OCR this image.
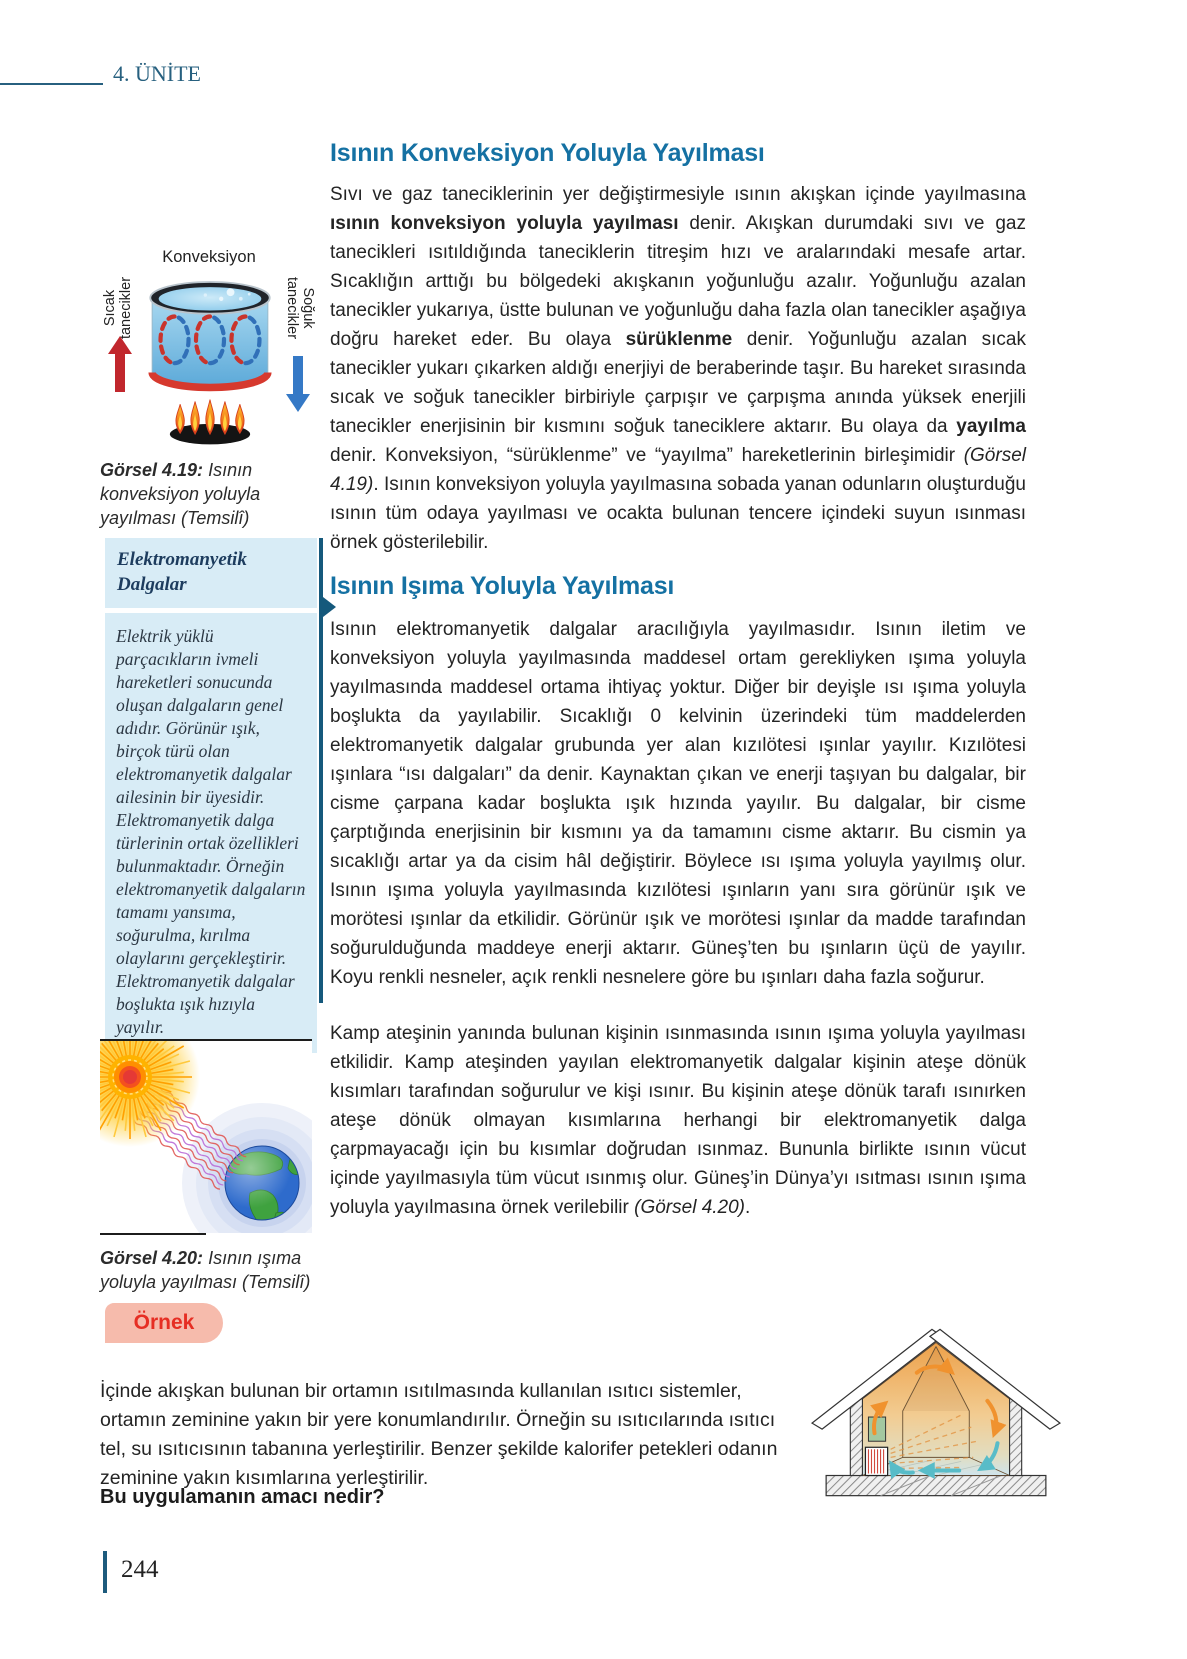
4. ÜNİTE
Isının Konveksiyon Yoluyla Yayılması

Sıvı ve gaz taneciklerinin yer değiştirmesiyle ısının akışkan içinde yayılmasına ısının konveksiyon yoluyla yayılması denir. Akışkan durumdaki sıvı ve gaz tanecikleri ısıtıldığında taneciklerin titreşim hızı ve aralarındaki mesafe artar. Sıcaklığın arttığı bu bölgedeki akışkanın yoğunluğu azalır. Yoğunluğu azalan tanecikler yukarıya, üstte bulunan ve yoğunluğu daha fazla olan tanecikler aşağıya doğru hareket eder. Bu olaya sürüklenme denir. Yoğunluğu azalan sıcak tanecikler yukarı çıkarken aldığı enerjiyi de beraberinde taşır. Bu hareket sırasında sıcak ve soğuk tanecikler birbiriyle çarpışır ve çarpışma anında yüksek enerjili tanecikler enerjisinin bir kısmını soğuk taneciklere aktarır. Bu olaya da yayılma denir. Konveksiyon, “sürüklenme” ve “yayılma” hareketlerinin birleşimidir (Görsel 4.19). Isının konveksiyon yoluyla yayılmasına sobada yanan odunların oluşturduğu ısının tüm odaya yayılması ve ocakta bulunan tencere içindeki suyun ısınması örnek gösterilebilir.

Konveksiyon
Sıcak tanecikler	Soğuk tanecikler
Görsel 4.19: Isının konveksiyon yoluyla yayılması (Temsilî)
Elektromanyetik Dalgalar
Elektrik yüklü parçacıkların ivmeli hareketleri sonucunda oluşan dalgaların genel adıdır. Görünür ışık, birçok türü olan elektromanyetik dalgalar ailesinin bir üyesidir. Elektromanyetik dalga türlerinin ortak özellikleri bulunmaktadır. Örneğin elektromanyetik dalgaların tamamı yansıma, soğurulma, kırılma olaylarını gerçekleştirir. Elektromanyetik dalgalar boşlukta ışık hızıyla yayılır.
Isının Işıma Yoluyla Yayılması

Isının elektromanyetik dalgalar aracılığıyla yayılmasıdır. Isının iletim ve konveksiyon yoluyla yayılmasında maddesel ortam gerekliyken ışıma yoluyla yayılmasında maddesel ortama ihtiyaç yoktur. Diğer bir deyişle ısı ışıma yoluyla boşlukta da yayılabilir. Sıcaklığı 0 kelvinin üzerindeki tüm maddelerden elektromanyetik dalgalar grubunda yer alan kızılötesi ışınlar yayılır. Kızılötesi ışınlara “ısı dalgaları” da denir. Kaynaktan çıkan ve enerji taşıyan bu dalgalar, bir cisme çarpana kadar boşlukta ışık hızında yayılır. Bu dalgalar, bir cisme çarptığında enerjisinin bir kısmını ya da tamamını cisme aktarır. Bu cismin ya sıcaklığı artar ya da cisim hâl değiştirir. Böylece ısı ışıma yoluyla yayılmış olur. Isının ışıma yoluyla yayılmasında kızılötesi ışınların yanı sıra görünür ışık ve morötesi ışınlar da etkilidir. Görünür ışık ve morötesi ışınlar da madde tarafından soğurulduğunda maddeye enerji aktarır. Güneş’ten bu ışınların üçü de yayılır. Koyu renkli nesneler, açık renkli nesnelere göre bu ışınları daha fazla soğurur.

Kamp ateşinin yanında bulunan kişinin ısınmasında ısının ışıma yoluyla yayılması etkilidir. Kamp ateşinden yayılan elektromanyetik dalgalar kişinin ateşe dönük kısımları tarafından soğurulur ve kişi ısınır. Bu kişinin ateşe dönük tarafı ısınırken ateşe dönük olmayan kısımlarına herhangi bir elektromanyetik dalga çarpmayacağı için bu kısımlar doğrudan ısınmaz. Bununla birlikte ısının vücut içinde yayılmasıyla tüm vücut ısınmış olur. Güneş’in Dünya’yı ısıtması ısının ışıma yoluyla yayılmasına örnek verilebilir (Görsel 4.20).

Görsel 4.20: Isının ışıma yoluyla yayılması (Temsilî)
Örnek

İçinde akışkan bulunan bir ortamın ısıtılmasında kullanılan ısıtıcı sistemler, ortamın zeminine yakın bir yere konumlandırılır. Örneğin su ısıtıcılarında ısıtıcı tel, su ısıtıcısının tabanına yerleştirilir. Benzer şekilde kalorifer petekleri odanın zeminine yakın kısımlarına yerleştirilir.

Bu uygulamanın amacı nedir?
244
